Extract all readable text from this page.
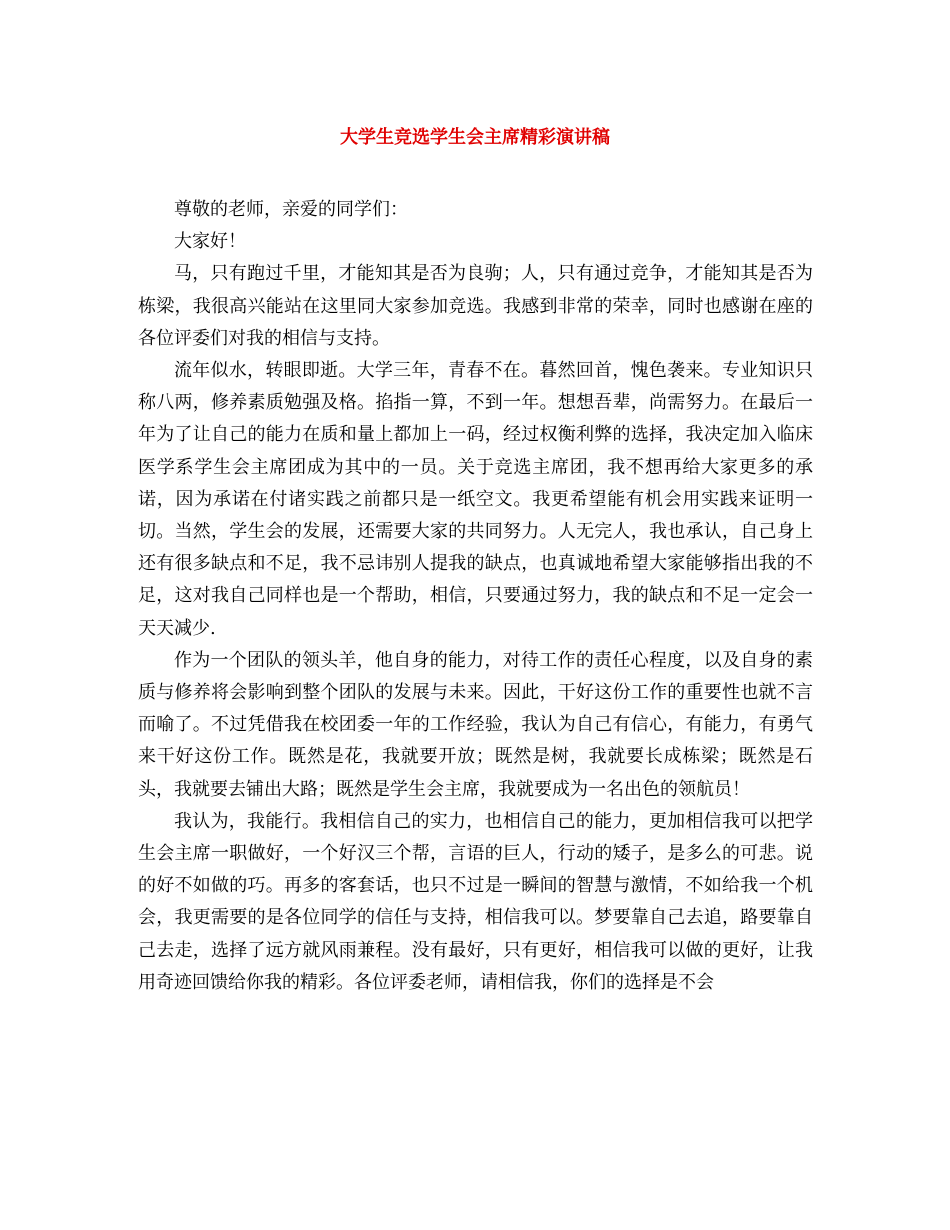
大学生竞选学生会主席精彩演讲稿

尊敬的老师，亲爱的同学们：

大家好！

马，只有跑过千里，才能知其是否为良驹；人，只有通过竞争，才能知其是否为栋梁，我很高兴能站在这里同大家参加竞选。我感到非常的荣幸，同时也感谢在座的各位评委们对我的相信与支持。

流年似水，转眼即逝。大学三年，青春不在。暮然回首，愧色袭来。专业知识只称八两，修养素质勉强及格。掐指一算，不到一年。想想吾辈，尚需努力。在最后一年为了让自己的能力在质和量上都加上一码，经过权衡利弊的选择，我决定加入临床医学系学生会主席团成为其中的一员。关于竞选主席团，我不想再给大家更多的承诺，因为承诺在付诸实践之前都只是一纸空文。我更希望能有机会用实践来证明一切。当然，学生会的发展，还需要大家的共同努力。人无完人，我也承认，自己身上还有很多缺点和不足，我不忌讳别人提我的缺点，也真诚地希望大家能够指出我的不足，这对我自己同样也是一个帮助，相信，只要通过努力，我的缺点和不足一定会一天天减少.

作为一个团队的领头羊，他自身的能力，对待工作的责任心程度，以及自身的素质与修养将会影响到整个团队的发展与未来。因此，干好这份工作的重要性也就不言而喻了。不过凭借我在校团委一年的工作经验，我认为自己有信心，有能力，有勇气来干好这份工作。既然是花，我就要开放；既然是树，我就要长成栋梁；既然是石头，我就要去铺出大路；既然是学生会主席，我就要成为一名出色的领航员！

我认为，我能行。我相信自己的实力，也相信自己的能力，更加相信我可以把学生会主席一职做好，一个好汉三个帮，言语的巨人，行动的矮子，是多么的可悲。说的好不如做的巧。再多的客套话，也只不过是一瞬间的智慧与激情，不如给我一个机会，我更需要的是各位同学的信任与支持，相信我可以。梦要靠自己去追，路要靠自己去走，选择了远方就风雨兼程。没有最好，只有更好，相信我可以做的更好，让我用奇迹回馈给你我的精彩。各位评委老师，请相信我，你们的选择是不会
